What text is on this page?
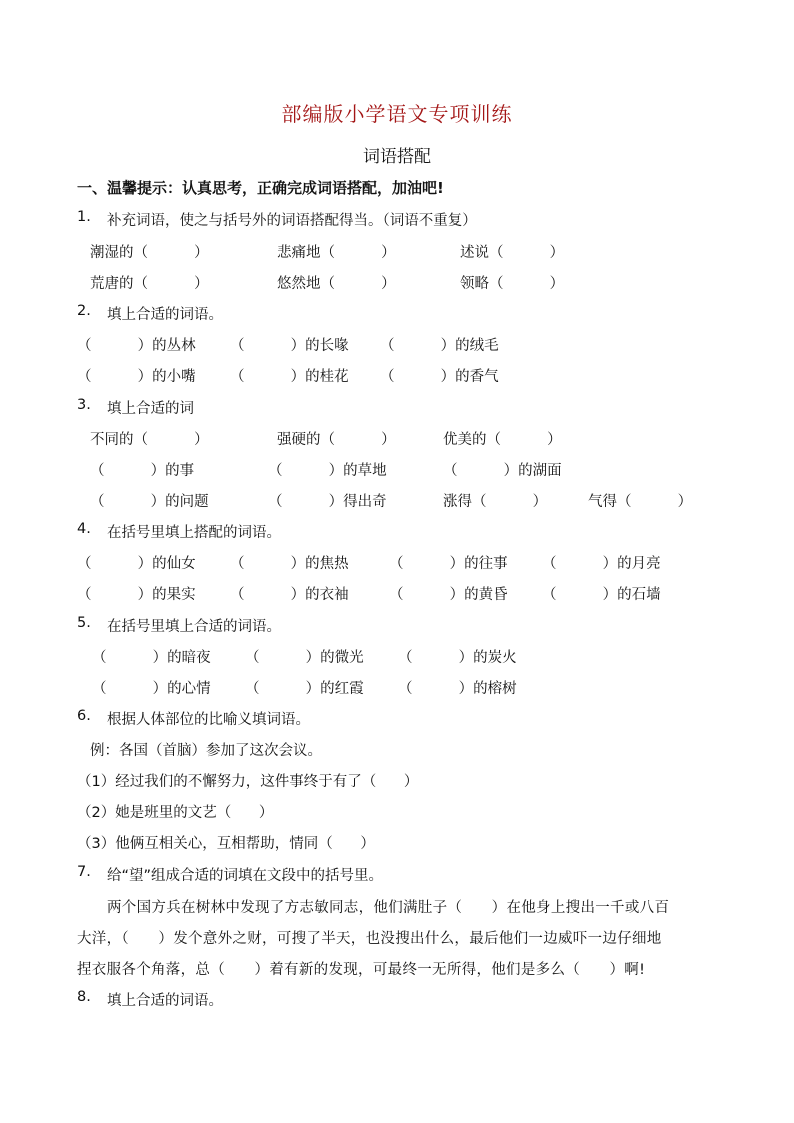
部编版小学语文专项训练
词语搭配
一、温馨提示：认真思考，正确完成词语搭配，加油吧!
1. 补充词语，使之与括号外的词语搭配得当。（词语不重复）
潮湿的（          ）	悲痛地（          ）	述说（          ）
荒唐的（          ）	悠然地（          ）	领略（          ）
2. 填上合适的词语。
（          ）的丛林 （          ）的长喙 （          ）的绒毛
（          ）的小嘴 （          ）的桂花 （          ）的香气
3. 填上合适的词
不同的（          ）	强硬的（          ）	优美的（          ）
（          ）的事	（          ）的草地	（          ）的湖面
（          ）的问题	（          ）得出奇	涨得（          ）	气得（          ）
4. 在括号里填上搭配的词语。
（          ）的仙女 （          ）的焦热	（          ）的往事 （          ）的月亮
（          ）的果实 （          ）的衣袖	（          ）的黄昏 （          ）的石墙
5. 在括号里填上合适的词语。
（          ）的暗夜 （          ）的微光 （          ）的炭火
（          ）的心情 （          ）的红霞 （          ）的榕树
6. 根据人体部位的比喻义填词语。
例：各国（首脑）参加了这次会议。
（1）经过我们的不懈努力，这件事终于有了（      ）
（2）她是班里的文艺（      ）
（3）他俩互相关心，互相帮助，情同（      ）
7. 给“望”组成合适的词填在文段中的括号里。
两个国方兵在树林中发现了方志敏同志，他们满肚子（      ）在他身上搜出一千或八百
大洋，（      ）发个意外之财，可搜了半天，也没搜出什么，最后他们一边威吓一边仔细地
捏衣服各个角落，总（      ）着有新的发现，可最终一无所得，他们是多么（      ）啊!
8. 填上合适的词语。
